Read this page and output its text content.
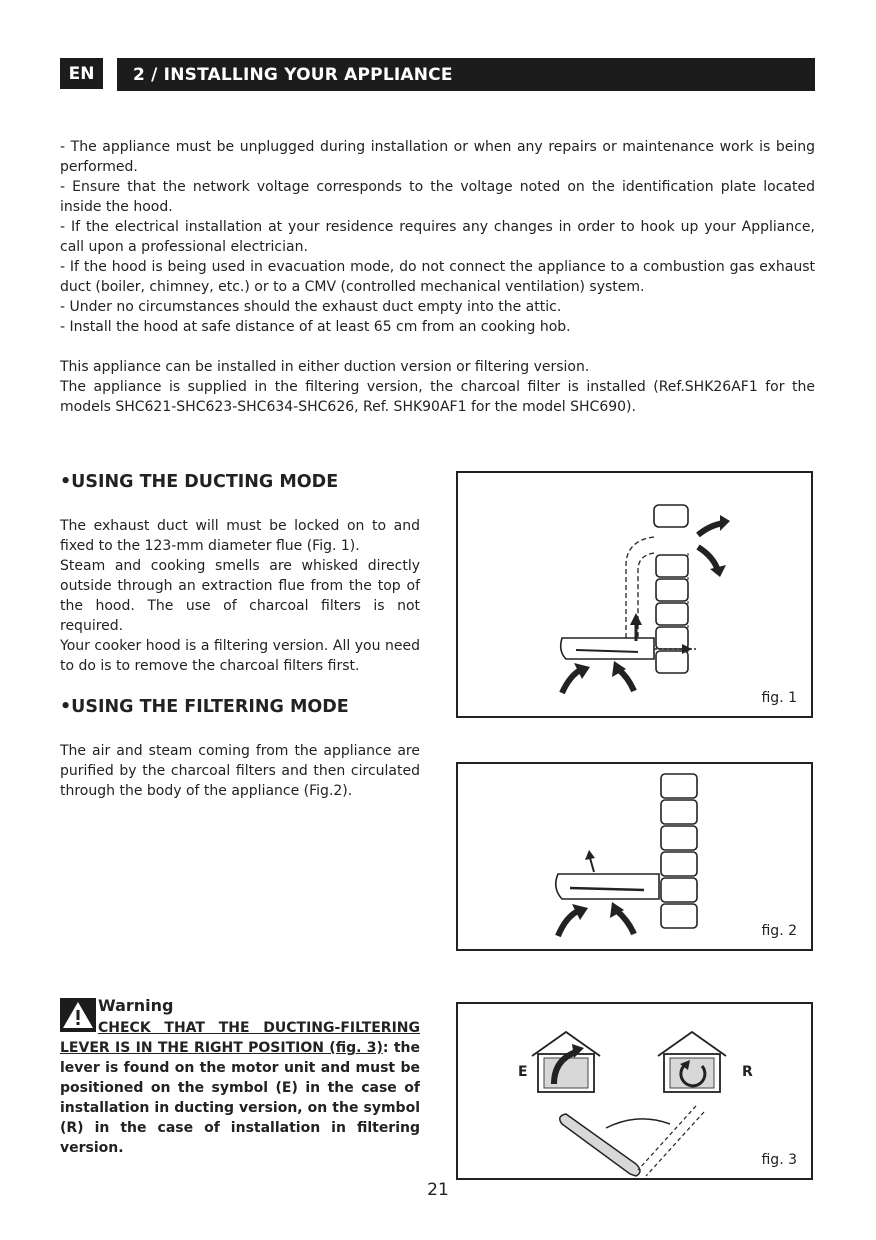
EN	2 / INSTALLING YOUR APPLIANCE

- The appliance must be unplugged during installation or when any repairs or maintenance work is being performed.

- Ensure that the network voltage corresponds to the voltage noted on the identification plate located inside the hood.

- If the electrical installation at your residence requires any changes in order to hook up your Appliance, call upon a professional electrician.

- If the hood is being used in evacuation mode, do not connect the appliance to a combustion gas exhaust duct (boiler, chimney, etc.) or to a CMV (controlled mechanical ventilation) system.

- Under no circumstances should the exhaust duct empty into the attic.

- Install the hood at safe distance of at least 65 cm from an cooking hob.

This appliance can be installed in either duction version or filtering version.

The appliance is supplied in the filtering version, the charcoal filter is installed (Ref.SHK26AF1 for the models SHC621-SHC623-SHC634-SHC626, Ref. SHK90AF1 for the model SHC690).

•USING THE DUCTING MODE

The exhaust duct will must be locked on to and fixed to the 123-mm diameter flue (Fig. 1).

Steam and cooking smells are whisked directly outside through an extraction flue from the top of the hood. The use of charcoal filters is not required.

Your cooker hood is a filtering version. All you need to do is to remove the charcoal filters first.

•USING THE FILTERING MODE

The air and steam coming from the appliance are purified by the charcoal filters and then circulated through the body of the appliance (Fig.2).

fig. 1
fig. 2
E	R
fig. 3
Warning
CHECK THAT THE DUCTING-FILTERING LEVER IS IN THE RIGHT POSITION (fig. 3): the lever is found on the motor unit and must be positioned on the symbol (E) in the case of installation in ducting version, on the symbol (R) in the case of installation in filtering version.
21
